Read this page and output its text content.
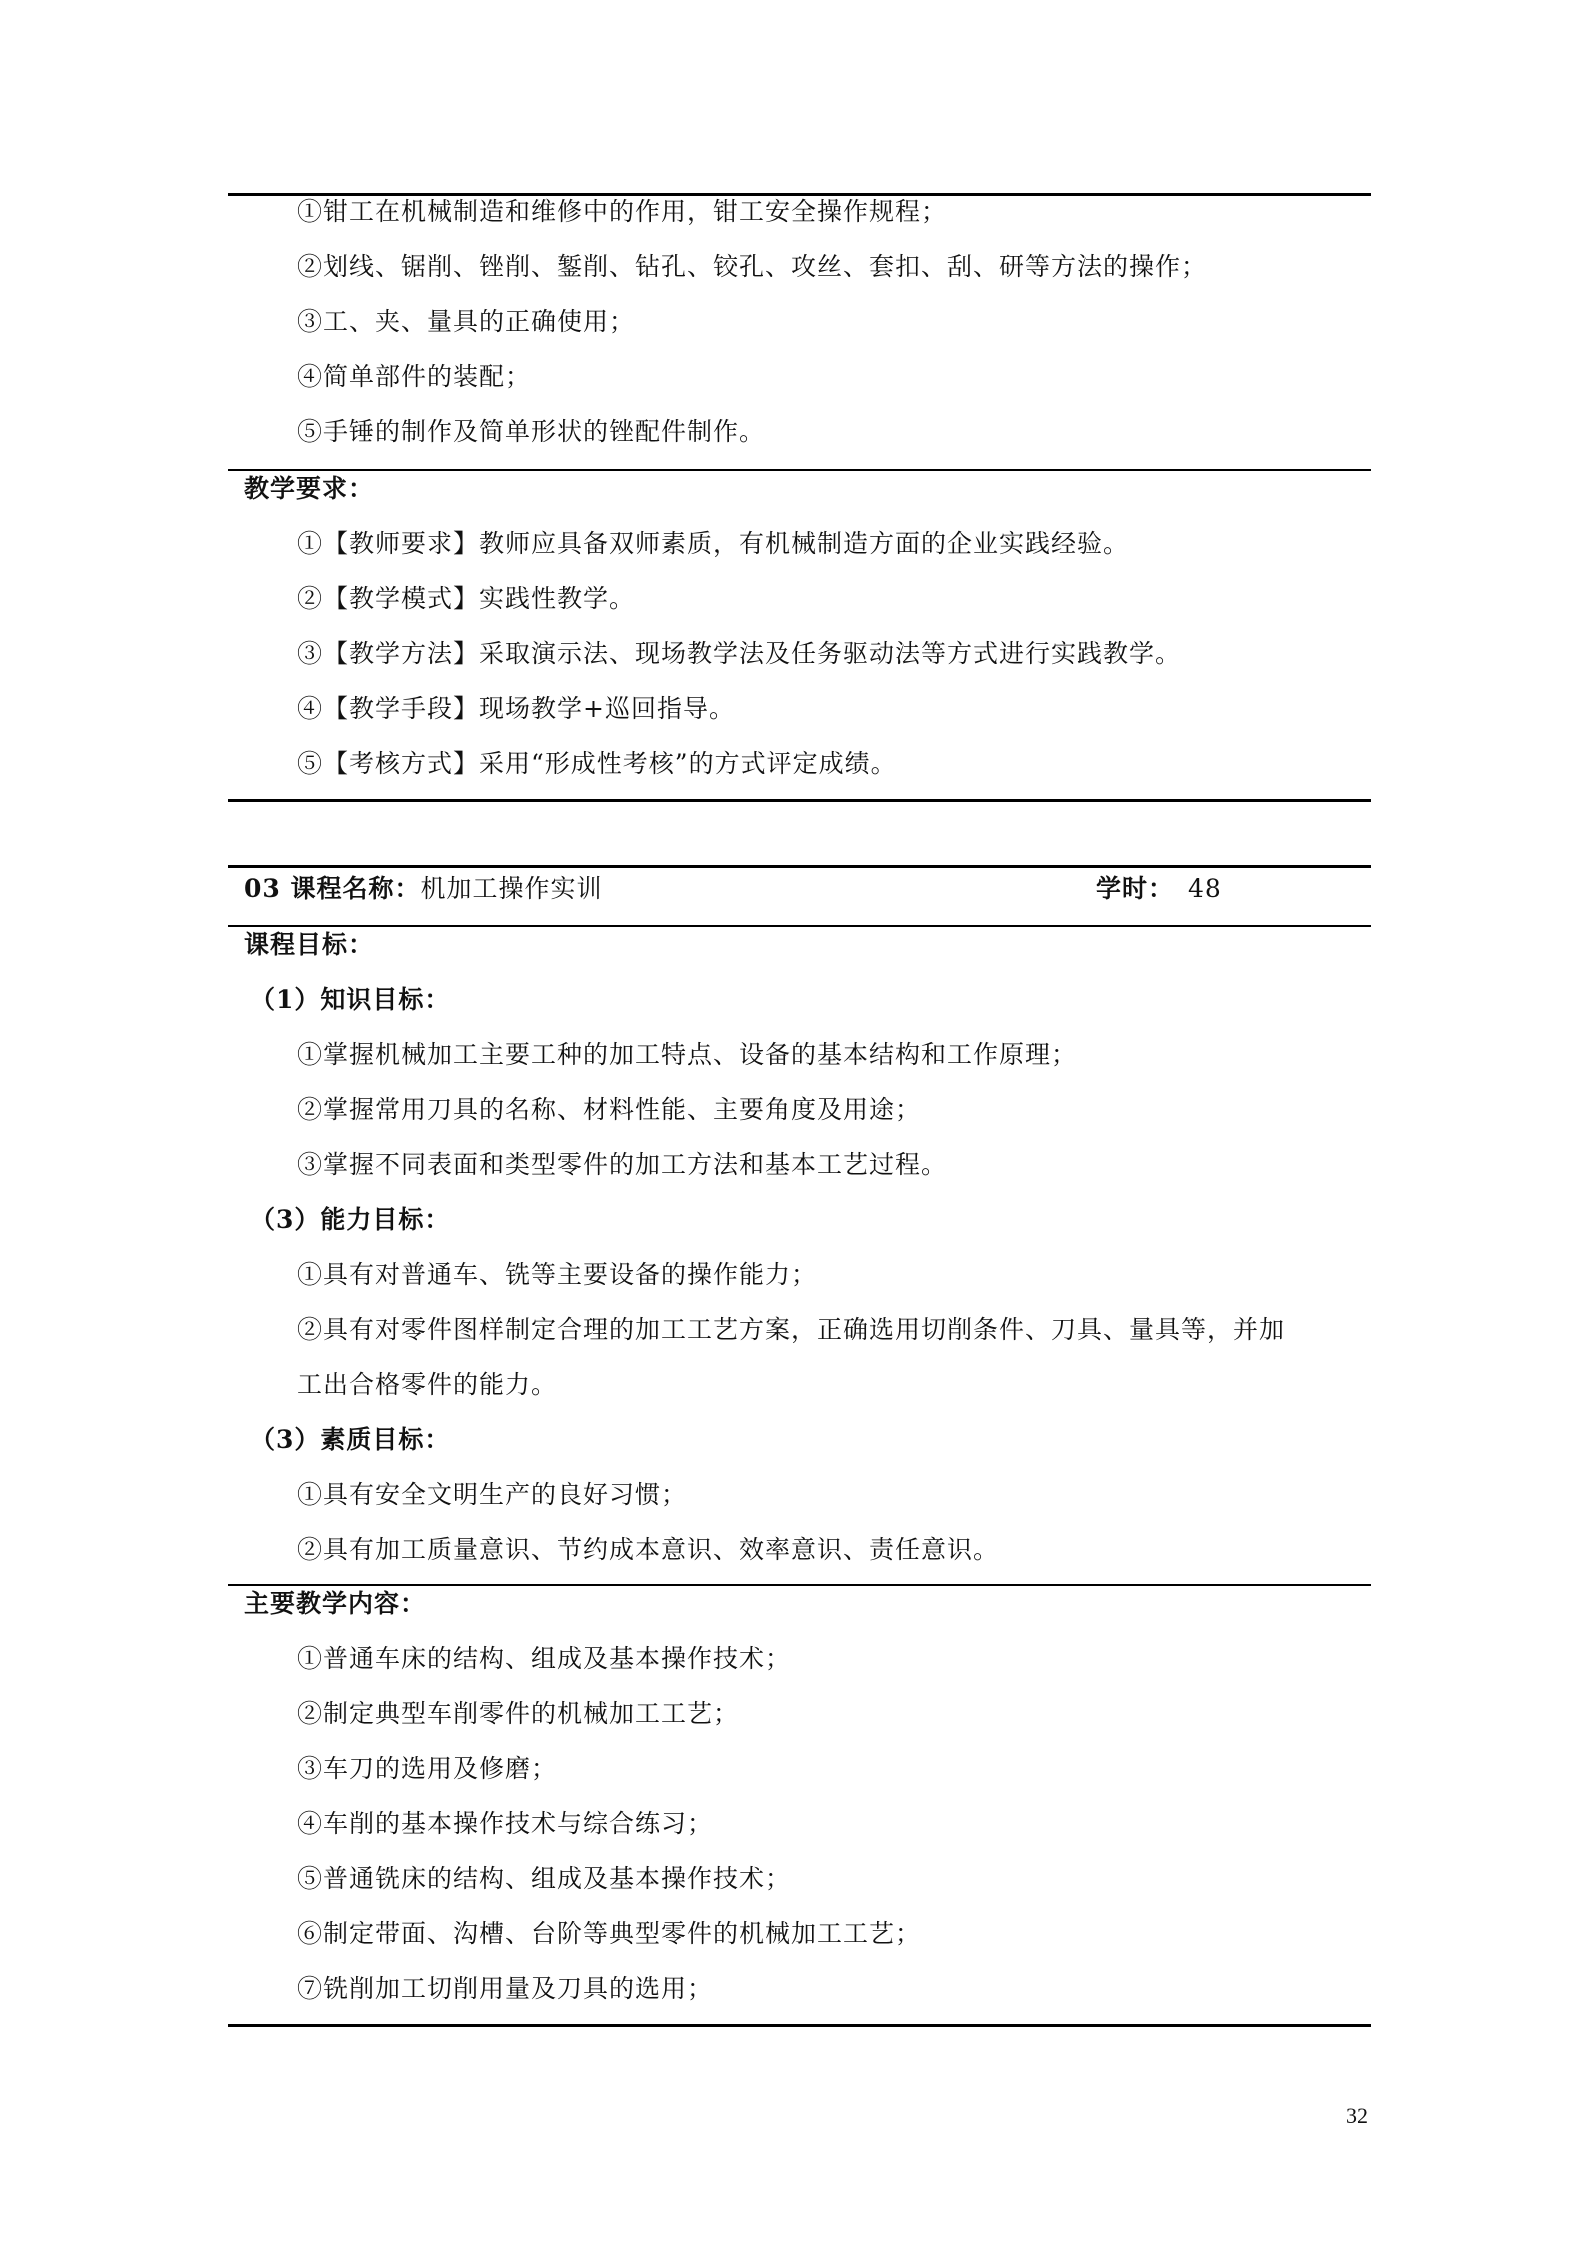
①钳工在机械制造和维修中的作用，钳工安全操作规程；
②划线、锯削、锉削、錾削、钻孔、铰孔、攻丝、套扣、刮、研等方法的操作；
③工、夹、量具的正确使用；
④简单部件的装配；
⑤手锤的制作及简单形状的锉配件制作。
教学要求：
①【教师要求】教师应具备双师素质，有机械制造方面的企业实践经验。
②【教学模式】实践性教学。
③【教学方法】采取演示法、现场教学法及任务驱动法等方式进行实践教学。
④【教学手段】现场教学+巡回指导。
⑤【考核方式】采用“形成性考核”的方式评定成绩。
03 课程名称：机加工操作实训	学时： 48
课程目标：
（1）知识目标：
①掌握机械加工主要工种的加工特点、设备的基本结构和工作原理；
②掌握常用刀具的名称、材料性能、主要角度及用途；
③掌握不同表面和类型零件的加工方法和基本工艺过程。
（3）能力目标：
①具有对普通车、铣等主要设备的操作能力；
②具有对零件图样制定合理的加工工艺方案，正确选用切削条件、刀具、量具等，并加
工出合格零件的能力。
（3）素质目标：
①具有安全文明生产的良好习惯；
②具有加工质量意识、节约成本意识、效率意识、责任意识。
主要教学内容：
①普通车床的结构、组成及基本操作技术；
②制定典型车削零件的机械加工工艺；
③车刀的选用及修磨；
④车削的基本操作技术与综合练习；
⑤普通铣床的结构、组成及基本操作技术；
⑥制定带面、沟槽、台阶等典型零件的机械加工工艺；
⑦铣削加工切削用量及刀具的选用；
32
